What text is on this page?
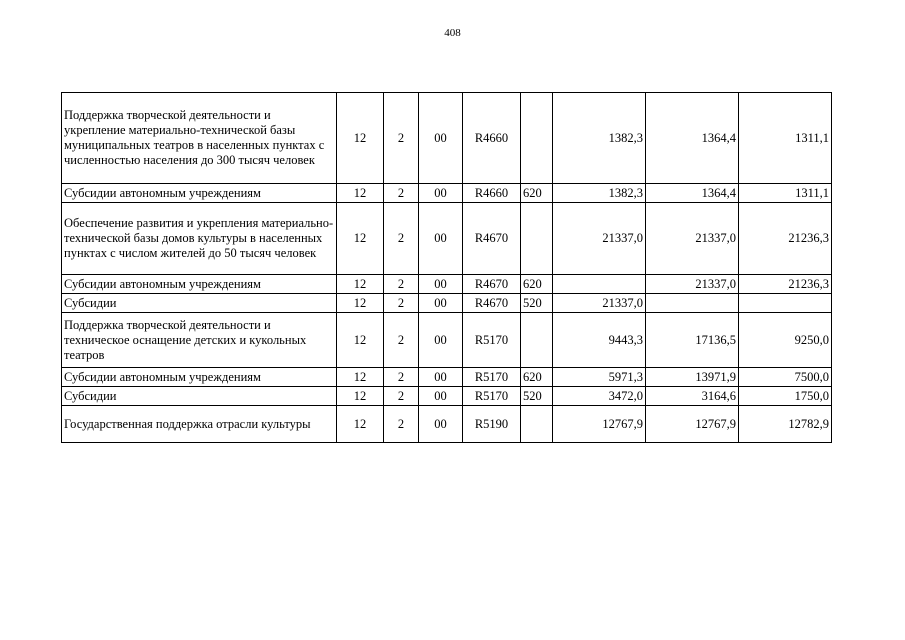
408
Поддержка творческой деятельности и укрепление материально-технической базы муниципальных театров в населенных пунктах с численностью населения до 300 тысяч человек	12	2	00	R4660		1382,3	1364,4	1311,1
Субсидии автономным учреждениям	12	2	00	R4660	620	1382,3	1364,4	1311,1
Обеспечение развития и укрепления материально-технической базы домов культуры в населенных пунктах с числом жителей до 50 тысяч человек	12	2	00	R4670		21337,0	21337,0	21236,3
Субсидии автономным учреждениям	12	2	00	R4670	620		21337,0	21236,3
Субсидии	12	2	00	R4670	520	21337,0		
Поддержка творческой деятельности и техническое оснащение детских и кукольных театров	12	2	00	R5170		9443,3	17136,5	9250,0
Субсидии автономным учреждениям	12	2	00	R5170	620	5971,3	13971,9	7500,0
Субсидии	12	2	00	R5170	520	3472,0	3164,6	1750,0
Государственная поддержка отрасли культуры	12	2	00	R5190		12767,9	12767,9	12782,9
